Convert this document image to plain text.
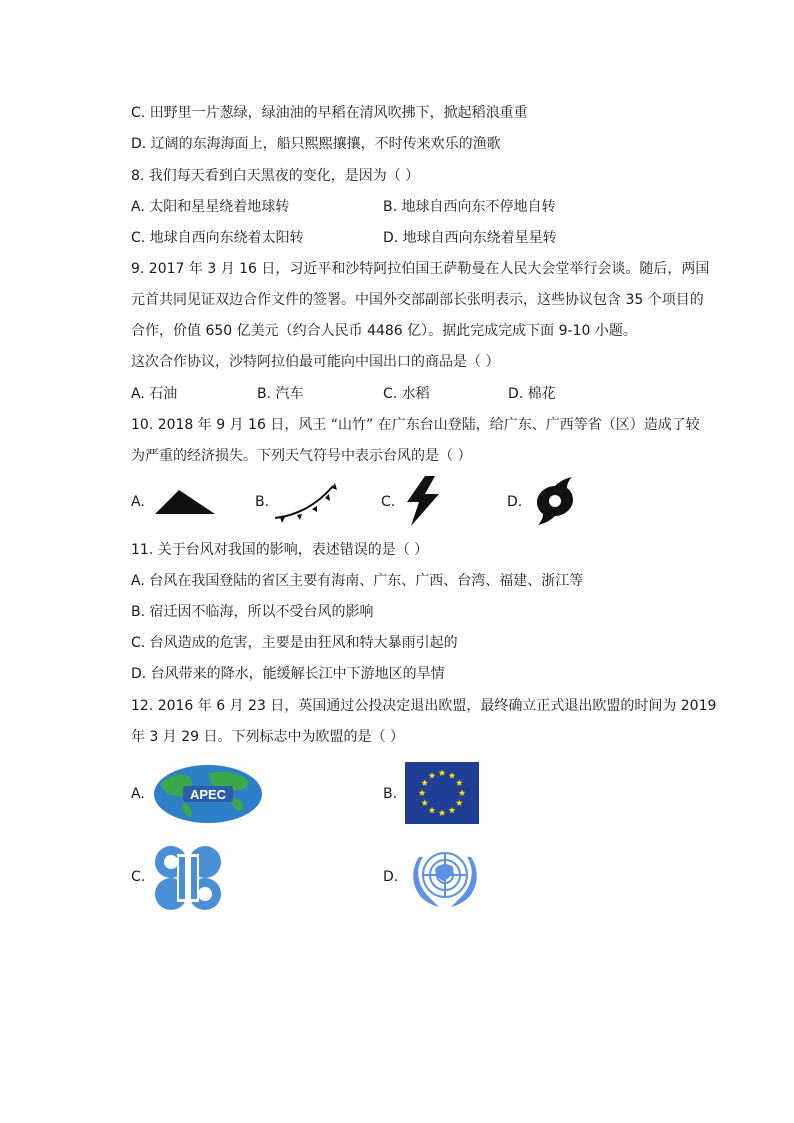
C. 田野里一片葱绿，绿油油的早稻在清风吹拂下，掀起稻浪重重
D. 辽阔的东海海面上，船只熙熙攘攘，不时传来欢乐的渔歌
8. 我们每天看到白天黑夜的变化，是因为（ ）
A. 太阳和星星绕着地球转	B. 地球自西向东不停地自转
C. 地球自西向东绕着太阳转	D. 地球自西向东绕着星星转
9. 2017 年 3 月 16 日，习近平和沙特阿拉伯国王萨勒曼在人民大会堂举行会谈。随后，两国
元首共同见证双边合作文件的签署。中国外交部副部长张明表示，这些协议包含 35 个项目的
合作，价值 650 亿美元（约合人民币 4486 亿）。据此完成完成下面 9-10 小题。
这次合作协议，沙特阿拉伯最可能向中国出口的商品是（ ）
A. 石油	B. 汽车	C. 水稻	D. 棉花
10. 2018 年 9 月 16 日，风王 “山竹” 在广东台山登陆，给广东、广西等省（区）造成了较
为严重的经济损失。下列天气符号中表示台风的是（ ）
A.	B.	C.	D.
11. 关于台风对我国的影响，表述错误的是（ ）
A. 台风在我国登陆的省区主要有海南、广东、广西、台湾、福建、浙江等
B. 宿迁因不临海，所以不受台风的影响
C. 台风造成的危害，主要是由狂风和特大暴雨引起的
D. 台风带来的降水，能缓解长江中下游地区的旱情
12. 2016 年 6 月 23 日，英国通过公投决定退出欧盟，最终确立正式退出欧盟的时间为 2019
年 3 月 29 日。下列标志中为欧盟的是（ ）
A.	APEC	B.
C.	D.
